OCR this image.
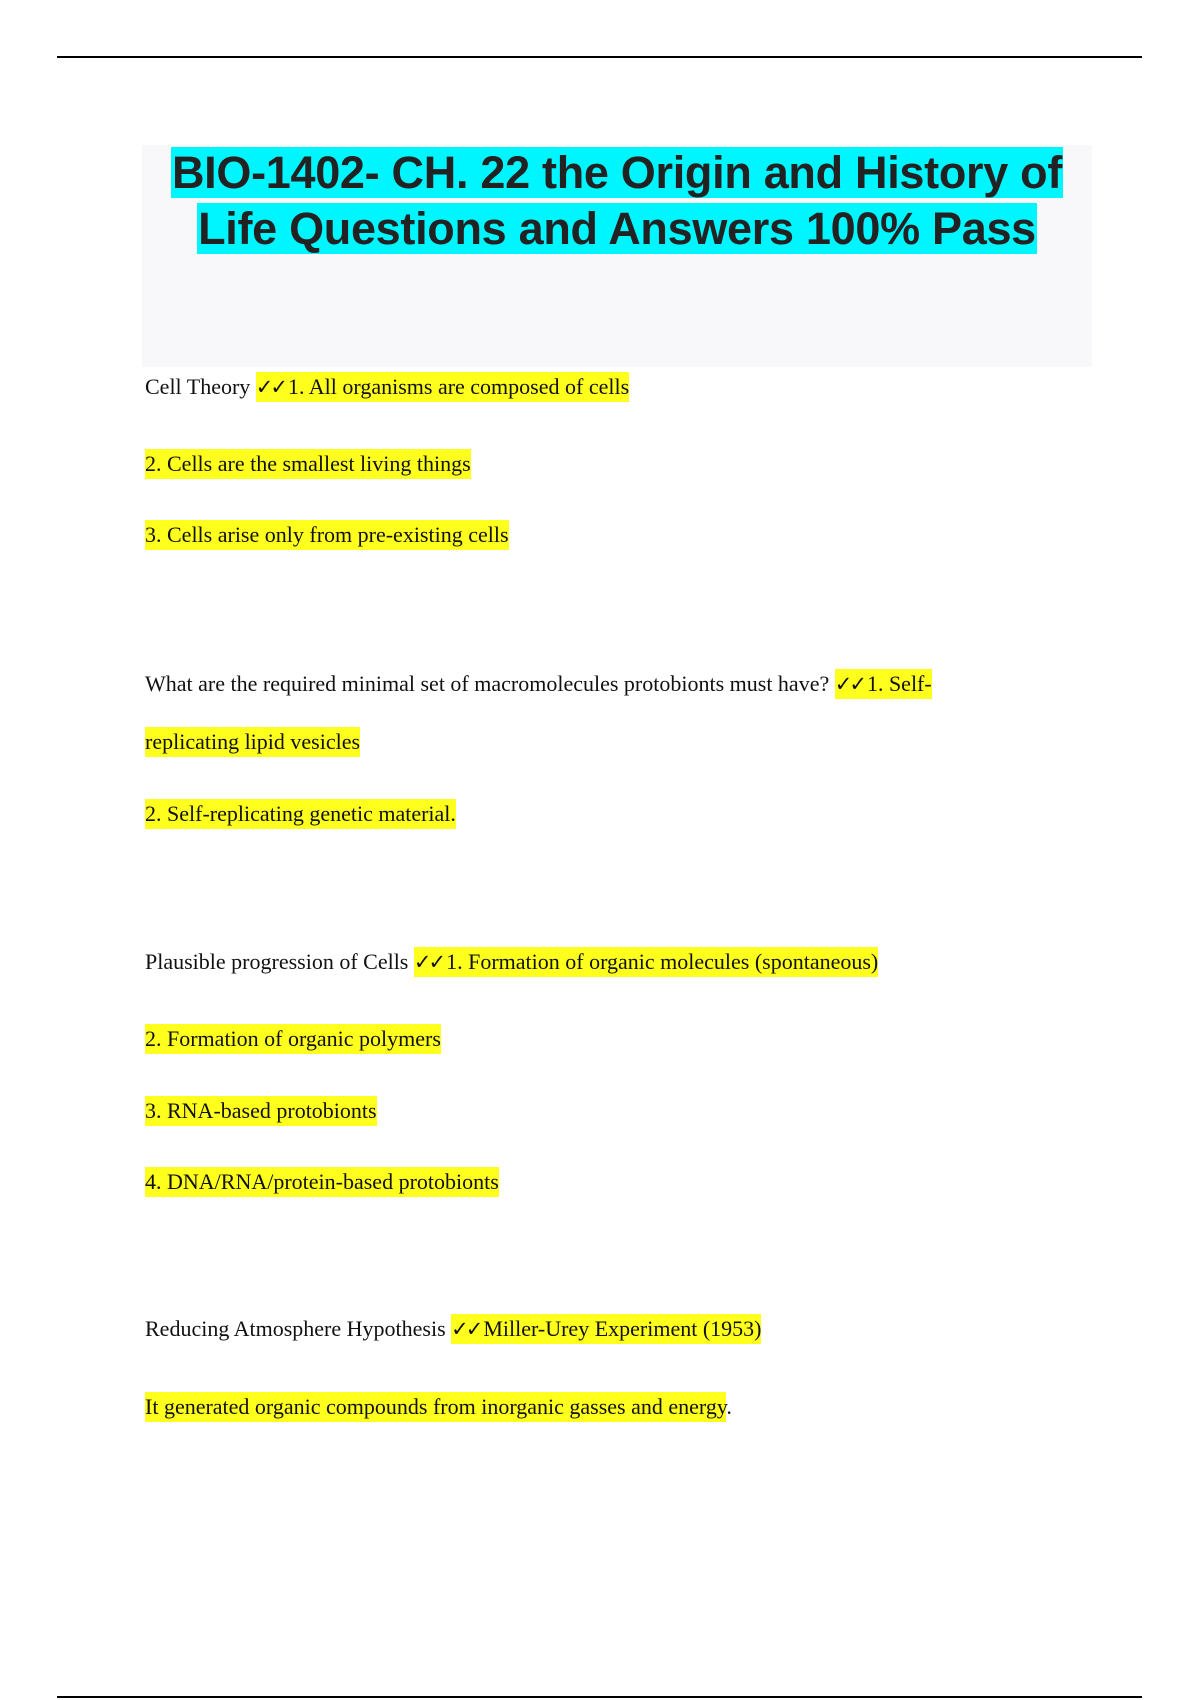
BIO-1402- CH. 22 the Origin and History of Life Questions and Answers 100% Pass
Cell Theory ✓✓ 1. All organisms are composed of cells
2. Cells are the smallest living things
3. Cells arise only from pre-existing cells
What are the required minimal set of macromolecules protobionts must have? ✓✓ 1. Self-
replicating lipid vesicles
2. Self-replicating genetic material.
Plausible progression of Cells ✓✓ 1. Formation of organic molecules (spontaneous)
2. Formation of organic polymers
3. RNA-based protobionts
4. DNA/RNA/protein-based protobionts
Reducing Atmosphere Hypothesis ✓✓ Miller-Urey Experiment (1953)
It generated organic compounds from inorganic gasses and energy.
